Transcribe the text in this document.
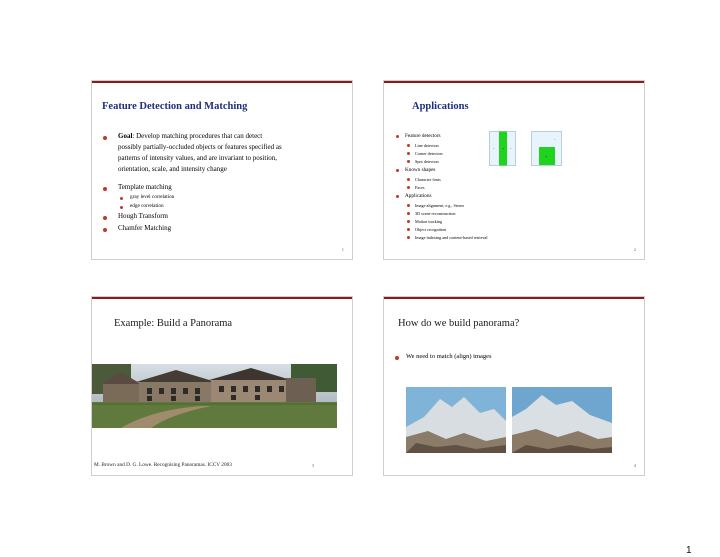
Feature Detection and Matching
Goal: Develop matching procedures that can detect
possibly partially-occluded objects or features specified as
patterns of intensity values, and are invariant to position,
orientation, scale, and intensity change
Template matching
gray level correlation
edge correlation
Hough Transform
Chamfer Matching
1
Applications
Feature detectors
Line detectors
Corner detectors
Spot detectors
Known shapes
Character fonts
Faces
Applications
Image alignment, e.g., Stereo
3D scene reconstruction
Motion tracking
Object recognition
Image indexing and content-based retrieval
- + -
-
+
2
Example: Build a Panorama
M. Brown and D. G. Lowe. Recognising Panoramas. ICCV 2003	3
How do we build panorama?
We need to match (align) images
4
1
